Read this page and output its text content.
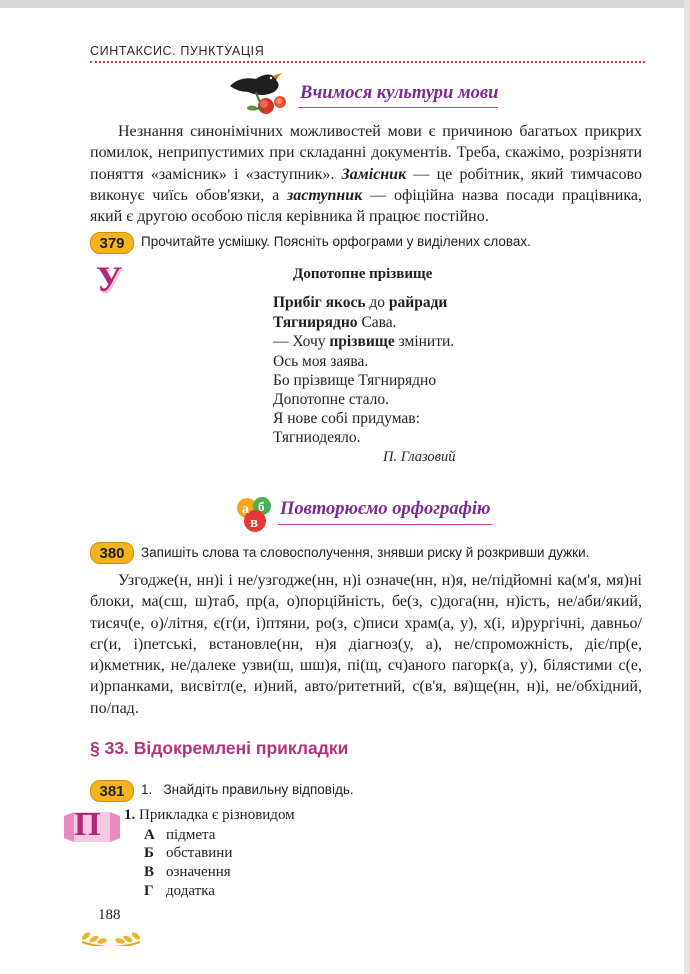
СИНТАКСИС. ПУНКТУАЦІЯ
Вчимося культури мови

Незнання синонімічних можливостей мови є причиною багатьох прикрих помилок, неприпустимих при складанні документів. Треба, скажімо, розрізняти поняття «замісник» і «заступник». Замісник — це робітник, який тимчасово виконує чиїсь обов'язки, а заступник — офіційна назва посади працівника, який є другою особою після керівника й працює постійно.

379	Прочитайте усмішку. Поясніть орфограми у виділених словах.
У	Допотопне прізвище
Прибіг якось до райради
Тягнирядно Сава.
— Хочу прізвище змінити.
Ось моя заява.
Бо прізвище Тягнирядно
Допотопне стало.
Я нове собі придумав:
Тягниодеяло.
П. Глазовий
а б
в
Повторюємо орфографію
380	Запишіть слова та словосполучення, знявши риску й розкривши дужки.

Узгодже(н, нн)і і не/узгодже(нн, н)і означе(нн, н)я, не/підйомні ка(м'я, мя)ні блоки, ма(сш, ш)таб, пр(а, о)порційність, бе(з, с)дога(нн, н)ість, не/аби/який, тисяч(е, о)/літня, є(г(и, і)птяни, ро(з, с)писи храм(а, у), х(і, и)рургічні, давньо/єг(и, і)петські, встановле(нн, н)я діагноз(у, а), не/спроможність, діє/пр(е, и)кметник, не/далеке узви(ш, шш)я, пі(щ, сч)аного пагорк(а, у), білястими с(е, и)рпанками, висвітл(е, и)ний, авто/ритетний, с(в'я, вя)ще(нн, н)і, не/обхідний, по/пад.

§ 33. Відокремлені прикладки
381	1. Знайдіть правильну відповідь.
П 1. Прикладка є різновидом
А підмета
Б обставини
В означення
Г додатка
188
